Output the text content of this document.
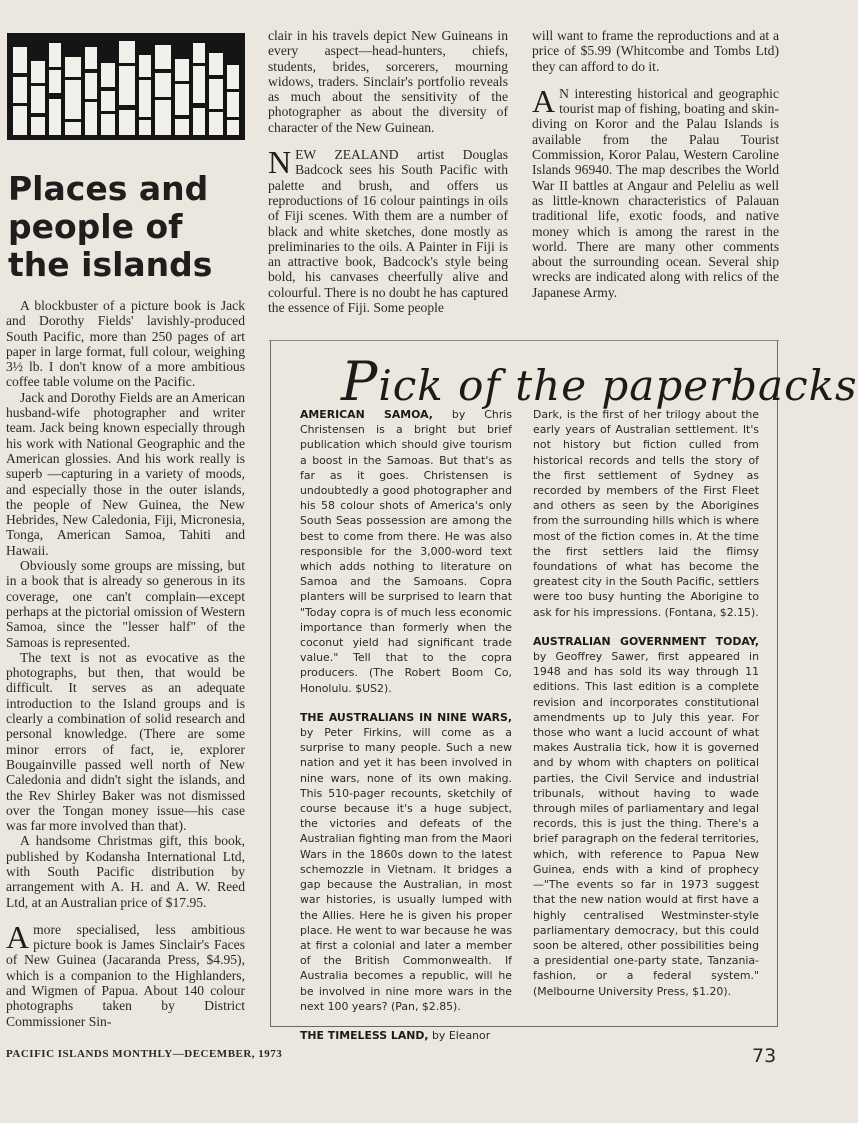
Places and people of the islands

A blockbuster of a picture book is Jack and Dorothy Fields' lavishly-produced South Pacific, more than 250 pages of art paper in large format, full colour, weighing 3½ lb. I don't know of a more ambitious coffee table volume on the Pacific.

Jack and Dorothy Fields are an American husband-wife photographer and writer team. Jack being known especially through his work with National Geographic and the American glossies. And his work really is superb —capturing in a variety of moods, and especially those in the outer islands, the people of New Guinea, the New Hebrides, New Caledonia, Fiji, Micronesia, Tonga, American Samoa, Tahiti and Hawaii.

Obviously some groups are missing, but in a book that is already so generous in its coverage, one can't complain—except perhaps at the pictorial omission of Western Samoa, since the "lesser half" of the Samoas is represented.

The text is not as evocative as the photographs, but then, that would be difficult. It serves as an adequate introduction to the Island groups and is clearly a combination of solid research and personal knowledge. (There are some minor errors of fact, ie, explorer Bougainville passed well north of New Caledonia and didn't sight the islands, and the Rev Shirley Baker was not dismissed over the Tongan money issue—his case was far more involved than that).

A handsome Christmas gift, this book, published by Kodansha International Ltd, with South Pacific distribution by arrangement with A. H. and A. W. Reed Ltd, at an Australian price of $17.95.

Amore specialised, less ambitious picture book is James Sinclair's Faces of New Guinea (Jacaranda Press, $4.95), which is a companion to the Highlanders, and Wigmen of Papua. About 140 colour photographs taken by District Commissioner Sin-

clair in his travels depict New Guineans in every aspect—head-hunters, chiefs, students, brides, sorcerers, mourning widows, traders. Sinclair's portfolio reveals as much about the sensitivity of the photographer as about the diversity of character of the New Guinean.

NEW ZEALAND artist Douglas Badcock sees his South Pacific with palette and brush, and offers us reproductions of 16 colour paintings in oils of Fiji scenes. With them are a number of black and white sketches, done mostly as preliminaries to the oils. A Painter in Fiji is an attractive book, Badcock's style being bold, his canvases cheerfully alive and colourful. There is no doubt he has captured the essence of Fiji. Some people

will want to frame the reproductions and at a price of $5.99 (Whitcombe and Tombs Ltd) they can afford to do it.

A N interesting historical and geographic tourist map of fishing, boating and skin-diving on Koror and the Palau Islands is available from the Palau Tourist Commission, Koror Palau, Western Caroline Islands 96940. The map describes the World War II battles at Angaur and Peleliu as well as little-known characteristics of Palauan traditional life, exotic foods, and native money which is among the rarest in the world. There are many other comments about the surrounding ocean. Several ship wrecks are indicated along with relics of the Japanese Army.

Pick of the paperbacks

AMERICAN SAMOA, by Chris Christensen is a bright but brief publication which should give tourism a boost in the Samoas. But that's as far as it goes. Christensen is undoubtedly a good photographer and his 58 colour shots of America's only South Seas possession are among the best to come from there. He was also responsible for the 3,000-word text which adds nothing to literature on Samoa and the Samoans. Copra planters will be surprised to learn that "Today copra is of much less economic importance than formerly when the coconut yield had significant trade value." Tell that to the copra producers. (The Robert Boom Co, Honolulu. $US2).

THE AUSTRALIANS IN NINE WARS, by Peter Firkins, will come as a surprise to many people. Such a new nation and yet it has been involved in nine wars, none of its own making. This 510-pager recounts, sketchily of course because it's a huge subject, the victories and defeats of the Australian fighting man from the Maori Wars in the 1860s down to the latest schemozzle in Vietnam. It bridges a gap because the Australian, in most war histories, is usually lumped with the Allies. Here he is given his proper place. He went to war because he was at first a colonial and later a member of the British Commonwealth. If Australia becomes a republic, will he be involved in nine more wars in the next 100 years? (Pan, $2.85).

THE TIMELESS LAND, by Eleanor

Dark, is the first of her trilogy about the early years of Australian settlement. It's not history but fiction culled from historical records and tells the story of the first settlement of Sydney as recorded by members of the First Fleet and others as seen by the Aborigines from the surrounding hills which is where most of the fiction comes in. At the time the first settlers laid the flimsy foundations of what has become the greatest city in the South Pacific, settlers were too busy hunting the Aborigine to ask for his impressions. (Fontana, $2.15).

AUSTRALIAN GOVERNMENT TODAY, by Geoffrey Sawer, first appeared in 1948 and has sold its way through 11 editions. This last edition is a complete revision and incorporates constitutional amendments up to July this year. For those who want a lucid account of what makes Australia tick, how it is governed and by whom with chapters on political parties, the Civil Service and industrial tribunals, without having to wade through miles of parliamentary and legal records, this is just the thing. There's a brief paragraph on the federal territories, which, with reference to Papua New Guinea, ends with a kind of prophecy —"The events so far in 1973 suggest that the new nation would at first have a highly centralised Westminster-style parliamentary democracy, but this could soon be altered, other possibilities being a presidential one-party state, Tanzania-fashion, or a federal system." (Melbourne University Press, $1.20).

PACIFIC ISLANDS MONTHLY—DECEMBER, 1973	73
